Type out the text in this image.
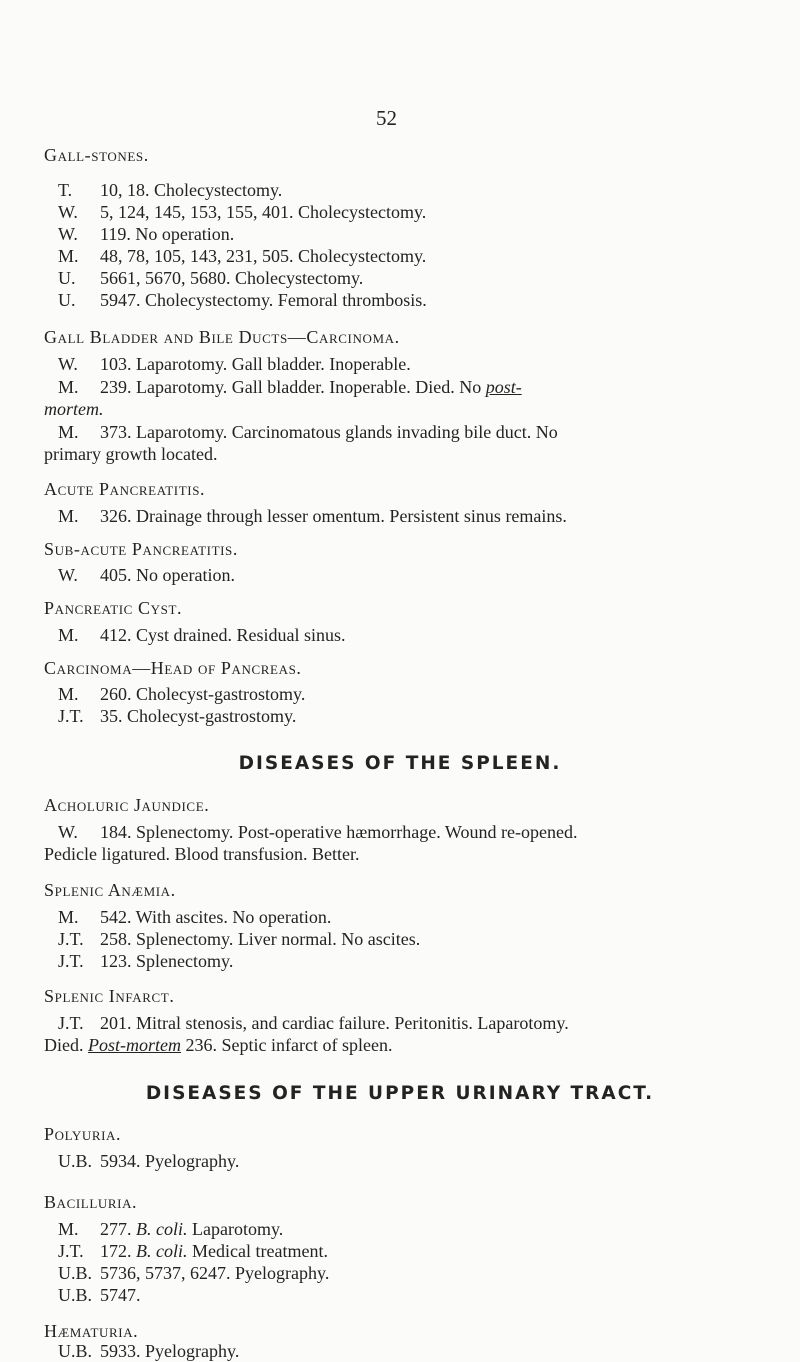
52
Gall-stones.
T. 10, 18. Cholecystectomy.
W. 5, 124, 145, 153, 155, 401. Cholecystectomy.
W. 119. No operation.
M. 48, 78, 105, 143, 231, 505. Cholecystectomy.
U. 5661, 5670, 5680. Cholecystectomy.
U. 5947. Cholecystectomy. Femoral thrombosis.
Gall Bladder and Bile Ducts—Carcinoma.
W. 103. Laparotomy. Gall bladder. Inoperable.
M. 239. Laparotomy. Gall bladder. Inoperable. Died. No post-
mortem.
M. 373. Laparotomy. Carcinomatous glands invading bile duct. No
primary growth located.
Acute Pancreatitis.
M. 326. Drainage through lesser omentum. Persistent sinus remains.
Sub-acute Pancreatitis.
W. 405. No operation.
Pancreatic Cyst.
M. 412. Cyst drained. Residual sinus.
Carcinoma—Head of Pancreas.
M. 260. Cholecyst-gastrostomy.
J.T. 35. Cholecyst-gastrostomy.
DISEASES OF THE SPLEEN.
Acholuric Jaundice.
W. 184. Splenectomy. Post-operative hæmorrhage. Wound re-opened.
Pedicle ligatured. Blood transfusion. Better.
Splenic Anæmia.
M. 542. With ascites. No operation.
J.T. 258. Splenectomy. Liver normal. No ascites.
J.T. 123. Splenectomy.
Splenic Infarct.
J.T. 201. Mitral stenosis, and cardiac failure. Peritonitis. Laparotomy.
Died. Post-mortem 236. Septic infarct of spleen.
DISEASES OF THE UPPER URINARY TRACT.
Polyuria.
U.B. 5934. Pyelography.
Bacilluria.
M. 277. B. coli. Laparotomy.
J.T. 172. B. coli. Medical treatment.
U.B. 5736, 5737, 6247. Pyelography.
U.B. 5747.
Hæmaturia.
U.B. 5933. Pyelography.
